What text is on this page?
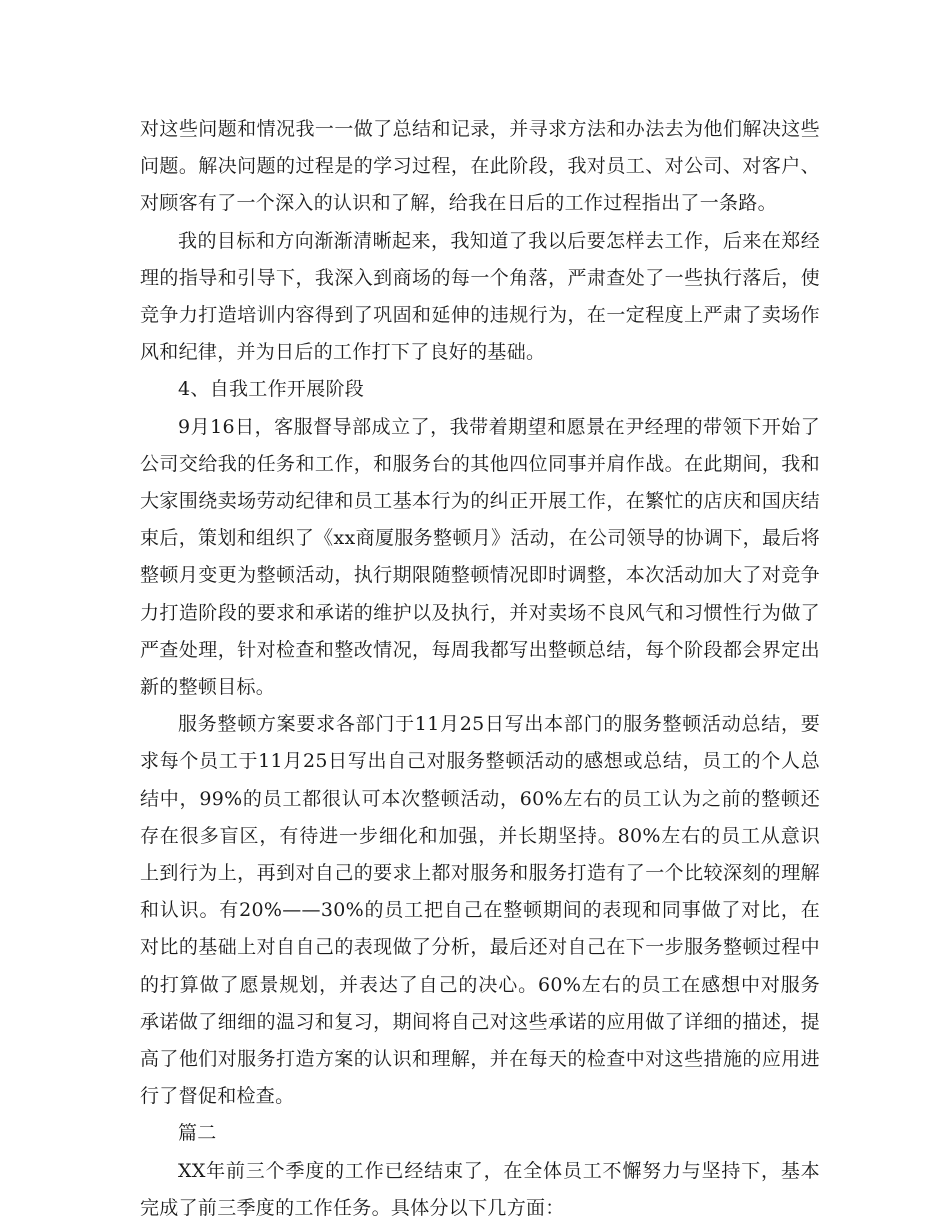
对这些问题和情况我一一做了总结和记录，并寻求方法和办法去为他们解决这些问题。解决问题的过程是的学习过程，在此阶段，我对员工、对公司、对客户、对顾客有了一个深入的认识和了解，给我在日后的工作过程指出了一条路。

我的目标和方向渐渐清晰起来，我知道了我以后要怎样去工作，后来在郑经理的指导和引导下，我深入到商场的每一个角落，严肃查处了一些执行落后，使竞争力打造培训内容得到了巩固和延伸的违规行为，在一定程度上严肃了卖场作风和纪律，并为日后的工作打下了良好的基础。

4、自我工作开展阶段

9月16日，客服督导部成立了，我带着期望和愿景在尹经理的带领下开始了公司交给我的任务和工作，和服务台的其他四位同事并肩作战。在此期间，我和大家围绕卖场劳动纪律和员工基本行为的纠正开展工作，在繁忙的店庆和国庆结束后，策划和组织了《xx商厦服务整顿月》活动，在公司领导的协调下，最后将整顿月变更为整顿活动，执行期限随整顿情况即时调整，本次活动加大了对竞争力打造阶段的要求和承诺的维护以及执行，并对卖场不良风气和习惯性行为做了严查处理，针对检查和整改情况，每周我都写出整顿总结，每个阶段都会界定出新的整顿目标。

服务整顿方案要求各部门于11月25日写出本部门的服务整顿活动总结，要求每个员工于11月25日写出自己对服务整顿活动的感想或总结，员工的个人总结中，99%的员工都很认可本次整顿活动，60%左右的员工认为之前的整顿还存在很多盲区，有待进一步细化和加强，并长期坚持。80%左右的员工从意识上到行为上，再到对自己的要求上都对服务和服务打造有了一个比较深刻的理解和认识。有20%——30%的员工把自己在整顿期间的表现和同事做了对比，在对比的基础上对自自己的表现做了分析，最后还对自己在下一步服务整顿过程中的打算做了愿景规划，并表达了自己的决心。60%左右的员工在感想中对服务承诺做了细细的温习和复习，期间将自己对这些承诺的应用做了详细的描述，提高了他们对服务打造方案的认识和理解，并在每天的检查中对这些措施的应用进行了督促和检查。

篇二

XX年前三个季度的工作已经结束了，在全体员工不懈努力与坚持下，基本完成了前三季度的工作任务。具体分以下几方面：
